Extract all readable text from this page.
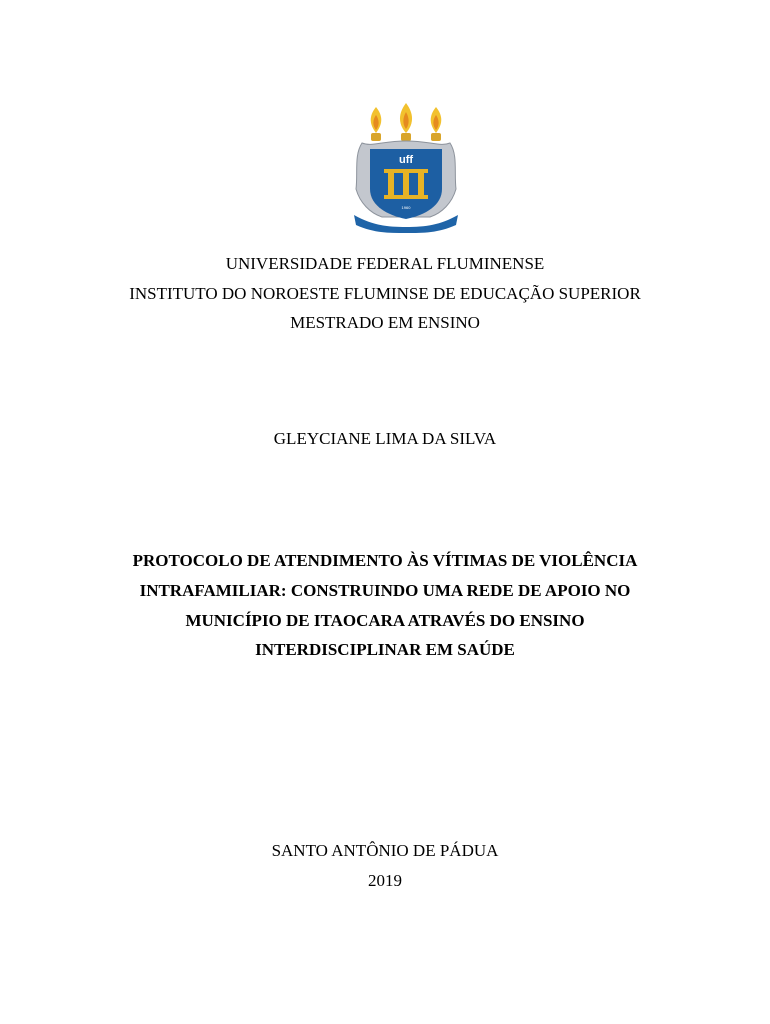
uff
1960
UNIVERSIDADE FEDERAL FLUMINENSE
INSTITUTO DO NOROESTE FLUMINSE DE EDUCAÇÃO SUPERIOR
MESTRADO EM ENSINO
GLEYCIANE LIMA DA SILVA
PROTOCOLO DE ATENDIMENTO ÀS VÍTIMAS DE VIOLÊNCIA
INTRAFAMILIAR: CONSTRUINDO UMA REDE DE APOIO NO
MUNICÍPIO DE ITAOCARA ATRAVÉS DO ENSINO
INTERDISCIPLINAR EM SAÚDE
SANTO ANTÔNIO DE PÁDUA
2019
